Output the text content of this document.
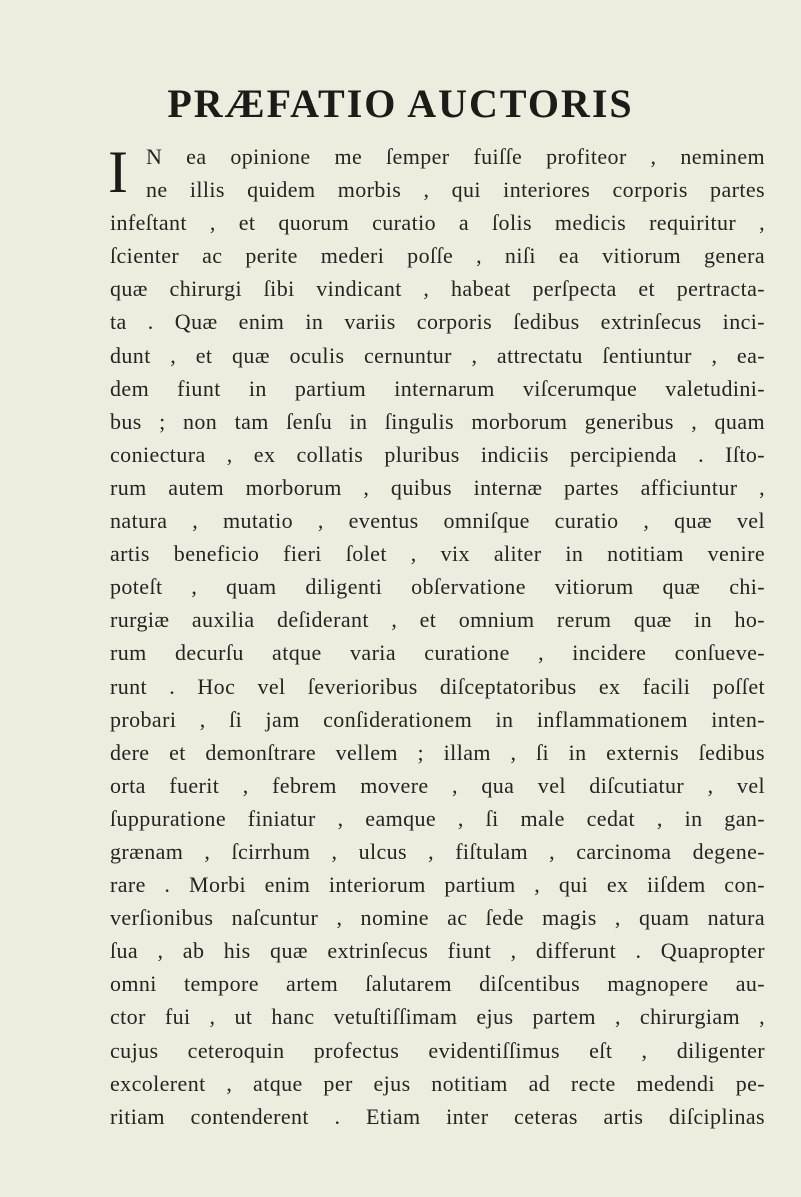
PRÆFATIO AUCTORIS
I N ea opinione me ſemper fuiſſe profiteor , neminem
ne illis quidem morbis , qui interiores corporis partes
infeſtant , et quorum curatio a ſolis medicis requiritur ,
ſcienter ac perite mederi poſſe , niſi ea vitiorum genera
quæ chirurgi ſibi vindicant , habeat perſpecta et pertracta-
ta . Quæ enim in variis corporis ſedibus extrinſecus inci-
dunt , et quæ oculis cernuntur , attrectatu ſentiuntur , ea-
dem fiunt in partium internarum viſcerumque valetudini-
bus ; non tam ſenſu in ſingulis morborum generibus , quam
coniectura , ex collatis pluribus indiciis percipienda . Iſto-
rum autem morborum , quibus internæ partes afficiuntur ,
natura , mutatio , eventus omniſque curatio , quæ vel
artis beneficio fieri ſolet , vix aliter in notitiam venire
poteſt , quam diligenti obſervatione vitiorum quæ chi-
rurgiæ auxilia deſiderant , et omnium rerum quæ in ho-
rum decurſu atque varia curatione , incidere conſueve-
runt . Hoc vel ſeverioribus diſceptatoribus ex facili poſſet
probari , ſi jam conſiderationem in inflammationem inten-
dere et demonſtrare vellem ; illam , ſi in externis ſedibus
orta fuerit , febrem movere , qua vel diſcutiatur , vel
ſuppuratione finiatur , eamque , ſi male cedat , in gan-
grænam , ſcirrhum , ulcus , fiſtulam , carcinoma degene-
rare . Morbi enim interiorum partium , qui ex iiſdem con-
verſionibus naſcuntur , nomine ac ſede magis , quam natura
ſua , ab his quæ extrinſecus fiunt , differunt . Quapropter
omni tempore artem ſalutarem diſcentibus magnopere au-
ctor fui , ut hanc vetuſtiſſimam ejus partem , chirurgiam ,
cujus ceteroquin profectus evidentiſſimus eſt , diligenter
excolerent , atque per ejus notitiam ad recte medendi pe-
ritiam contenderent . Etiam inter ceteras artis diſciplinas
